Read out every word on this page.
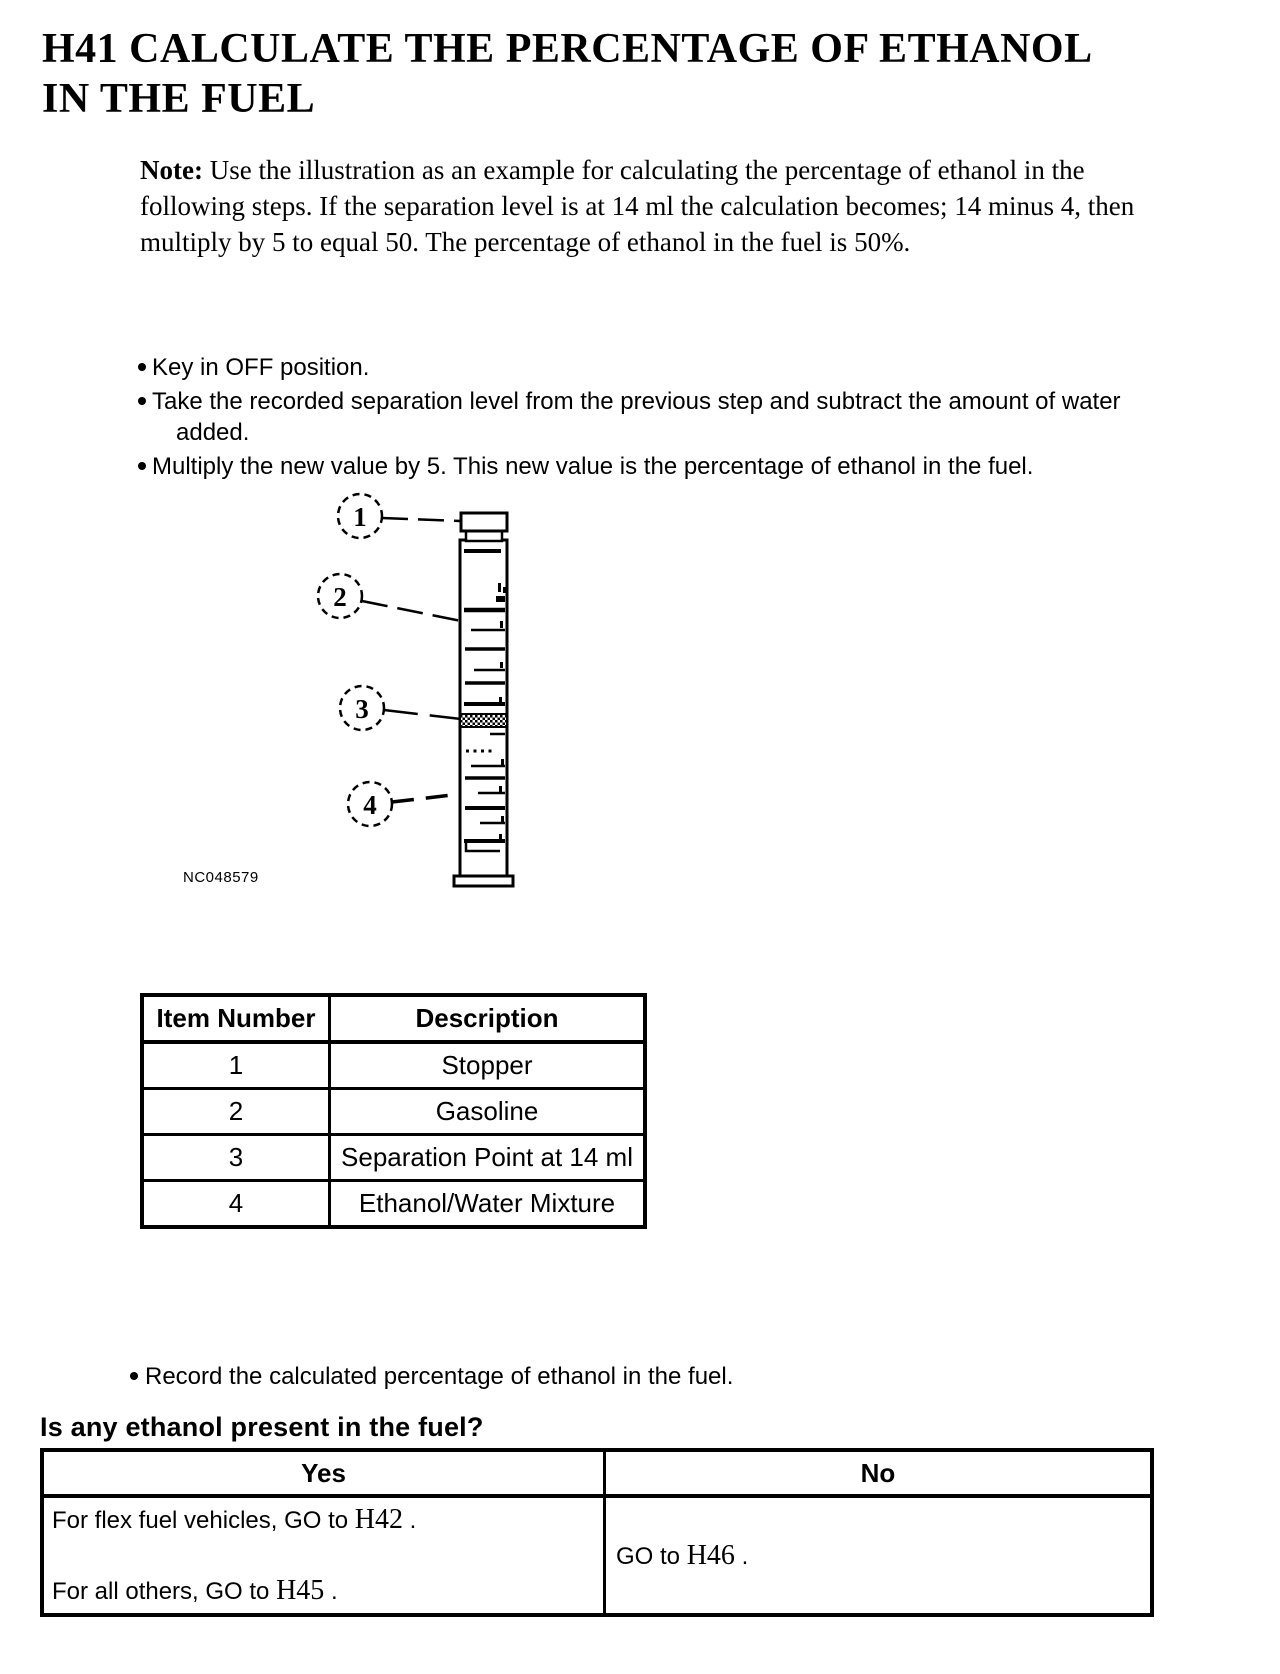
H41 CALCULATE THE PERCENTAGE OF ETHANOL IN THE FUEL
Note: Use the illustration as an example for calculating the percentage of ethanol in the following steps. If the separation level is at 14 ml the calculation becomes; 14 minus 4, then multiply by 5 to equal 50. The percentage of ethanol in the fuel is 50%.
Key in OFF position.
Take the recorded separation level from the previous step and subtract the amount of water added.
Multiply the new value by 5. This new value is the percentage of ethanol in the fuel.
1
2
3
4
NC048579
Item Number	Description
1	Stopper
2	Gasoline
3	Separation Point at 14 ml
4	Ethanol/Water Mixture
Record the calculated percentage of ethanol in the fuel.
Is any ethanol present in the fuel?
Yes	No

For flex fuel vehicles, GO to H42 .
For all others, GO to H45 .	GO to H46 .
